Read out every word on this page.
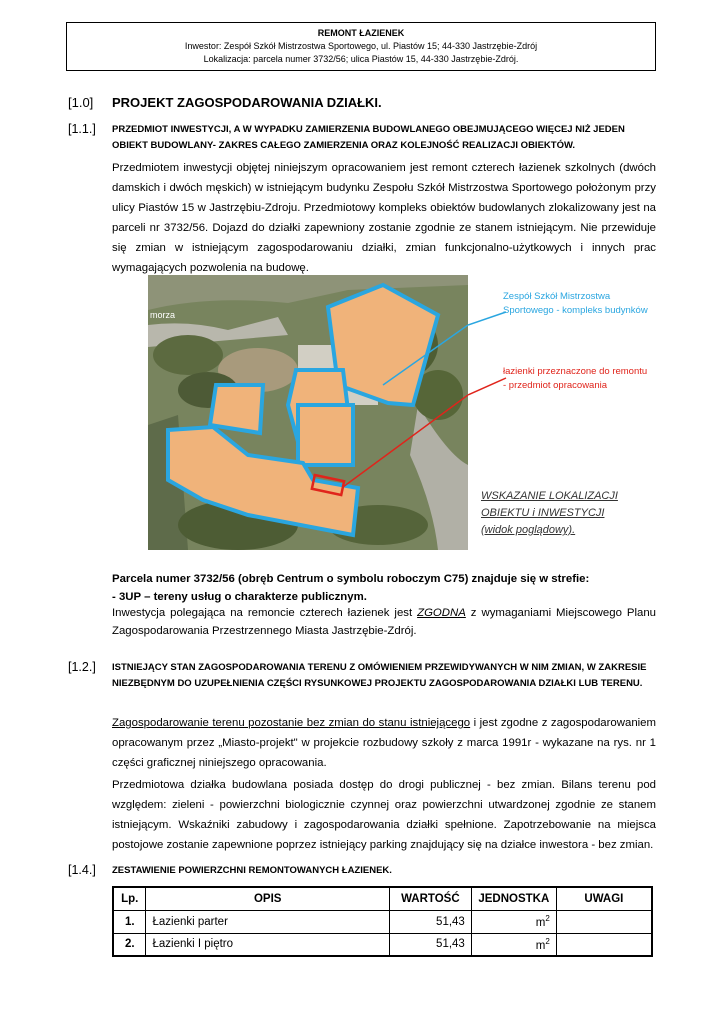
REMONT ŁAZIENEK
Inwestor: Zespół Szkół Mistrzostwa Sportowego, ul. Piastów 15; 44-330 Jastrzębie-Zdrój
Lokalizacja: parcela numer 3732/56; ulica Piastów 15, 44-330 Jastrzębie-Zdrój.
[1.0] PROJEKT ZAGOSPODAROWANIA DZIAŁKI.
[1.1.] PRZEDMIOT INWESTYCJI, A W WYPADKU ZAMIERZENIA BUDOWLANEGO OBEJMUJĄCEGO WIĘCEJ NIŻ JEDEN OBIEKT BUDOWLANY- ZAKRES CAŁEGO ZAMIERZENIA ORAZ KOLEJNOŚĆ REALIZACJI OBIEKTÓW.
Przedmiotem inwestycji objętej niniejszym opracowaniem jest remont czterech łazienek szkolnych (dwóch damskich i dwóch męskich) w istniejącym budynku Zespołu Szkół Mistrzostwa Sportowego położonym przy ulicy Piastów 15 w Jastrzębiu-Zdroju. Przedmiotowy kompleks obiektów budowlanych zlokalizowany jest na parceli nr 3732/56. Dojazd do działki zapewniony zostanie zgodnie ze stanem istniejącym. Nie przewiduje się zmian w istniejącym zagospodarowaniu działki, zmian funkcjonalno-użytkowych i innych prac wymagających pozwolenia na budowę.
morza
Zespół Szkół Mistrzostwa
Sportowego - kompleks budynków
łazienki przeznaczone do remontu
- przedmiot opracowania
WSKAZANIE LOKALIZACJI
OBIEKTU i INWESTYCJI
(widok poglądowy).
Parcela numer 3732/56 (obręb Centrum o symbolu roboczym C75) znajduje się w strefie:
- 3UP – tereny usług o charakterze publicznym.
Inwestycja polegająca na remoncie czterech łazienek jest ZGODNA z wymaganiami Miejscowego Planu Zagospodarowania Przestrzennego Miasta Jastrzębie-Zdrój.
[1.2.] ISTNIEJĄCY STAN ZAGOSPODAROWANIA TERENU Z OMÓWIENIEM PRZEWIDYWANYCH W NIM ZMIAN, W ZAKRESIE NIEZBĘDNYM DO UZUPEŁNIENIA CZĘŚCI RYSUNKOWEJ PROJEKTU ZAGOSPODAROWANIA DZIAŁKI LUB TERENU.
Zagospodarowanie terenu pozostanie bez zmian do stanu istniejącego i jest zgodne z zagospodarowaniem opracowanym przez „Miasto-projekt" w projekcie rozbudowy szkoły z marca 1991r - wykazane na rys. nr 1 części graficznej niniejszego opracowania.
Przedmiotowa działka budowlana posiada dostęp do drogi publicznej - bez zmian. Bilans terenu pod względem: zieleni - powierzchni biologicznie czynnej oraz powierzchni utwardzonej zgodnie ze stanem istniejącym. Wskaźniki zabudowy i zagospodarowania działki spełnione. Zapotrzebowanie na miejsca postojowe zostanie zapewnione poprzez istniejący parking znajdujący się na działce inwestora - bez zmian.
[1.4.] ZESTAWIENIE POWIERZCHNI REMONTOWANYCH ŁAZIENEK.
Lp.	OPIS	WARTOŚĆ	JEDNOSTKA	UWAGI
1.	Łazienki parter	51,43	$m^2$	
2.	Łazienki I piętro	51,43	$m^2$	
